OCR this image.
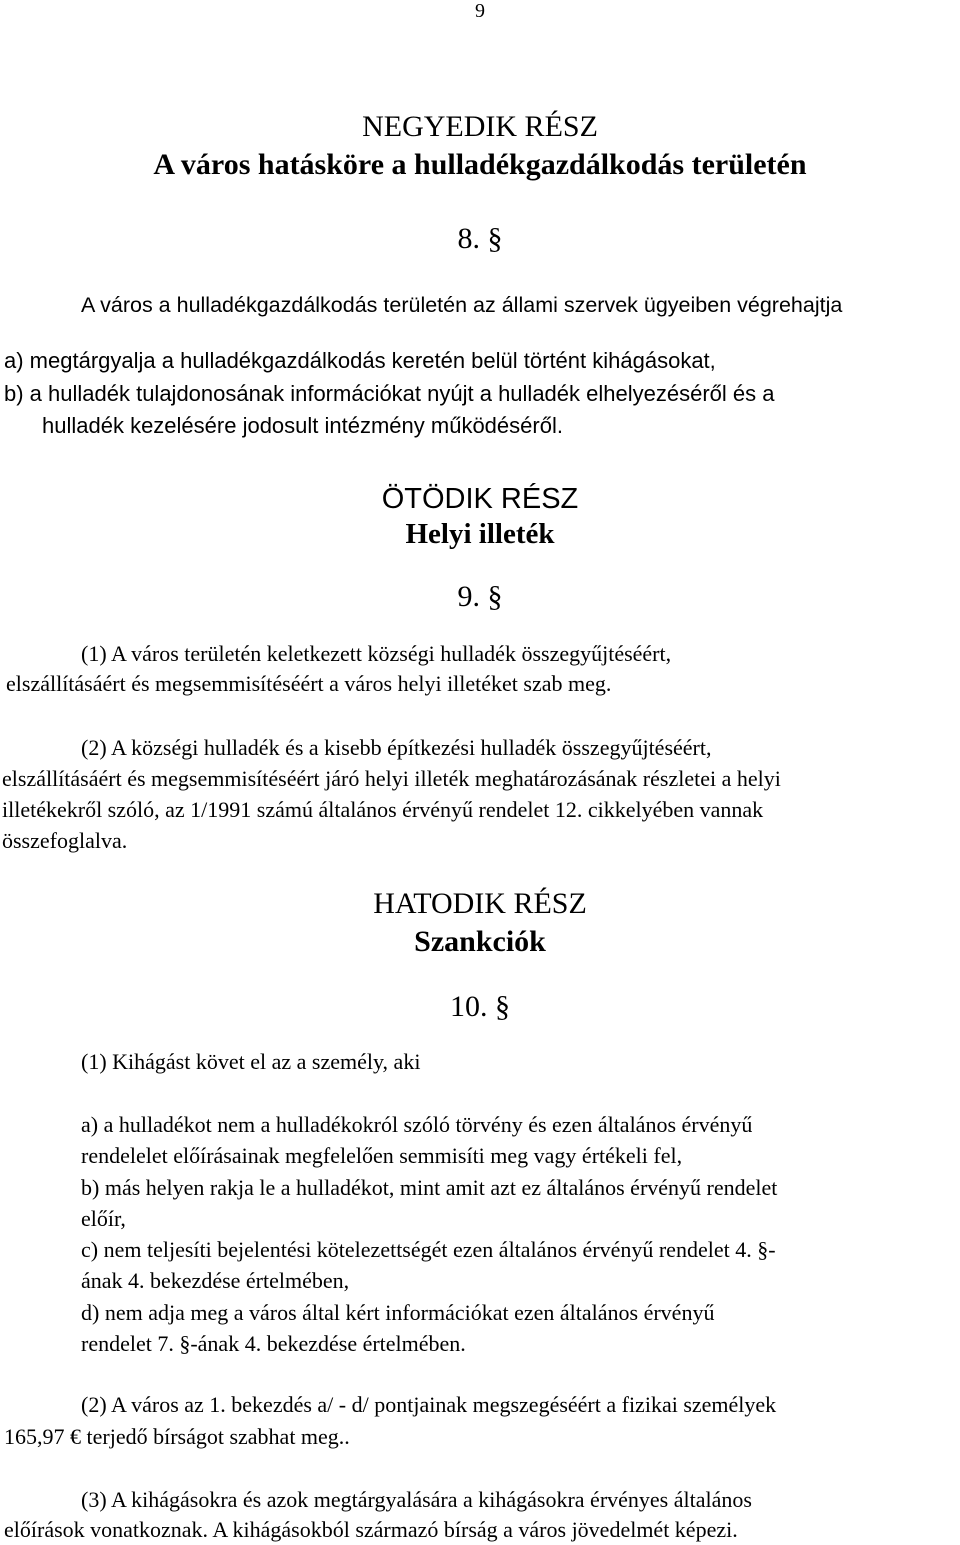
9
NEGYEDIK RÉSZ
A város hatásköre a hulladékgazdálkodás területén
8. §
A város a hulladékgazdálkodás területén az állami szervek ügyeiben végrehajtja
a) megtárgyalja a hulladékgazdálkodás keretén belül történt kihágásokat,
b) a hulladék tulajdonosának információkat nyújt a hulladék elhelyezéséről és a
hulladék kezelésére jodosult intézmény működéséről.
ÖTÖDIK RÉSZ
Helyi illeték
9. §
(1) A város területén keletkezett községi hulladék összegyűjtéséért,
elszállításáért és megsemmisítéséért a város helyi illetéket szab meg.
(2) A községi hulladék és a kisebb építkezési hulladék összegyűjtéséért,
elszállításáért és megsemmisítéséért járó helyi illeték meghatározásának részletei a helyi
illetékekről szóló, az 1/1991 számú általános érvényű rendelet 12. cikkelyében vannak
összefoglalva.
HATODIK RÉSZ
Szankciók
10. §
(1) Kihágást követ el az a személy, aki
a) a hulladékot nem a hulladékokról szóló törvény és ezen általános érvényű
rendelelet előírásainak megfelelően semmisíti meg vagy értékeli fel,
b) más helyen rakja le a hulladékot, mint amit azt ez általános érvényű rendelet
előír,
c) nem teljesíti bejelentési kötelezettségét ezen általános érvényű rendelet 4. §-
ának 4. bekezdése értelmében,
d) nem adja meg a város által kért információkat ezen általános érvényű
rendelet 7. §-ának 4. bekezdése értelmében.
(2) A város az 1. bekezdés a/ - d/ pontjainak megszegéséért a fizikai személyek
165,97 € terjedő bírságot szabhat meg..
(3) A kihágásokra és azok megtárgyalására a kihágásokra érvényes általános
előírások vonatkoznak. A kihágásokból származó bírság a város jövedelmét képezi.
